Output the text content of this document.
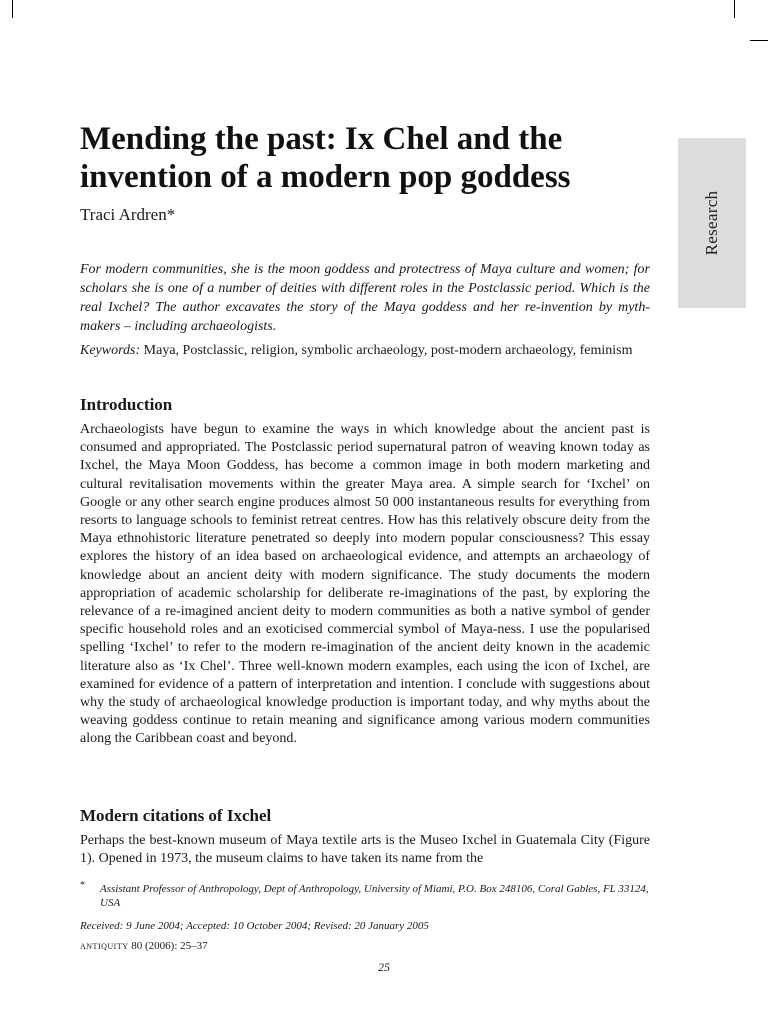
Research
Mending the past: Ix Chel and the invention of a modern pop goddess

Traci Ardren*

For modern communities, she is the moon goddess and protectress of Maya culture and women; for scholars she is one of a number of deities with different roles in the Postclassic period. Which is the real Ixchel? The author excavates the story of the Maya goddess and her re-invention by myth-makers – including archaeologists.

Keywords: Maya, Postclassic, religion, symbolic archaeology, post-modern archaeology, feminism

Introduction

Archaeologists have begun to examine the ways in which knowledge about the ancient past is consumed and appropriated. The Postclassic period supernatural patron of weaving known today as Ixchel, the Maya Moon Goddess, has become a common image in both modern marketing and cultural revitalisation movements within the greater Maya area. A simple search for ‘Ixchel’ on Google or any other search engine produces almost 50 000 instantaneous results for everything from resorts to language schools to feminist retreat centres. How has this relatively obscure deity from the Maya ethnohistoric literature penetrated so deeply into modern popular consciousness? This essay explores the history of an idea based on archaeological evidence, and attempts an archaeology of knowledge about an ancient deity with modern significance. The study documents the modern appropriation of academic scholarship for deliberate re-imaginations of the past, by exploring the relevance of a re-imagined ancient deity to modern communities as both a native symbol of gender specific household roles and an exoticised commercial symbol of Maya-ness. I use the popularised spelling ‘Ixchel’ to refer to the modern re-imagination of the ancient deity known in the academic literature also as ‘Ix Chel’. Three well-known modern examples, each using the icon of Ixchel, are examined for evidence of a pattern of interpretation and intention. I conclude with suggestions about why the study of archaeological knowledge production is important today, and why myths about the weaving goddess continue to retain meaning and significance among various modern communities along the Caribbean coast and beyond.

Modern citations of Ixchel

Perhaps the best-known museum of Maya textile arts is the Museo Ixchel in Guatemala City (Figure 1). Opened in 1973, the museum claims to have taken its name from the

* Assistant Professor of Anthropology, Dept of Anthropology, University of Miami, P.O. Box 248106, Coral Gables, FL 33124, USA

Received: 9 June 2004; Accepted: 10 October 2004; Revised: 20 January 2005

antiquity 80 (2006): 25–37

25
